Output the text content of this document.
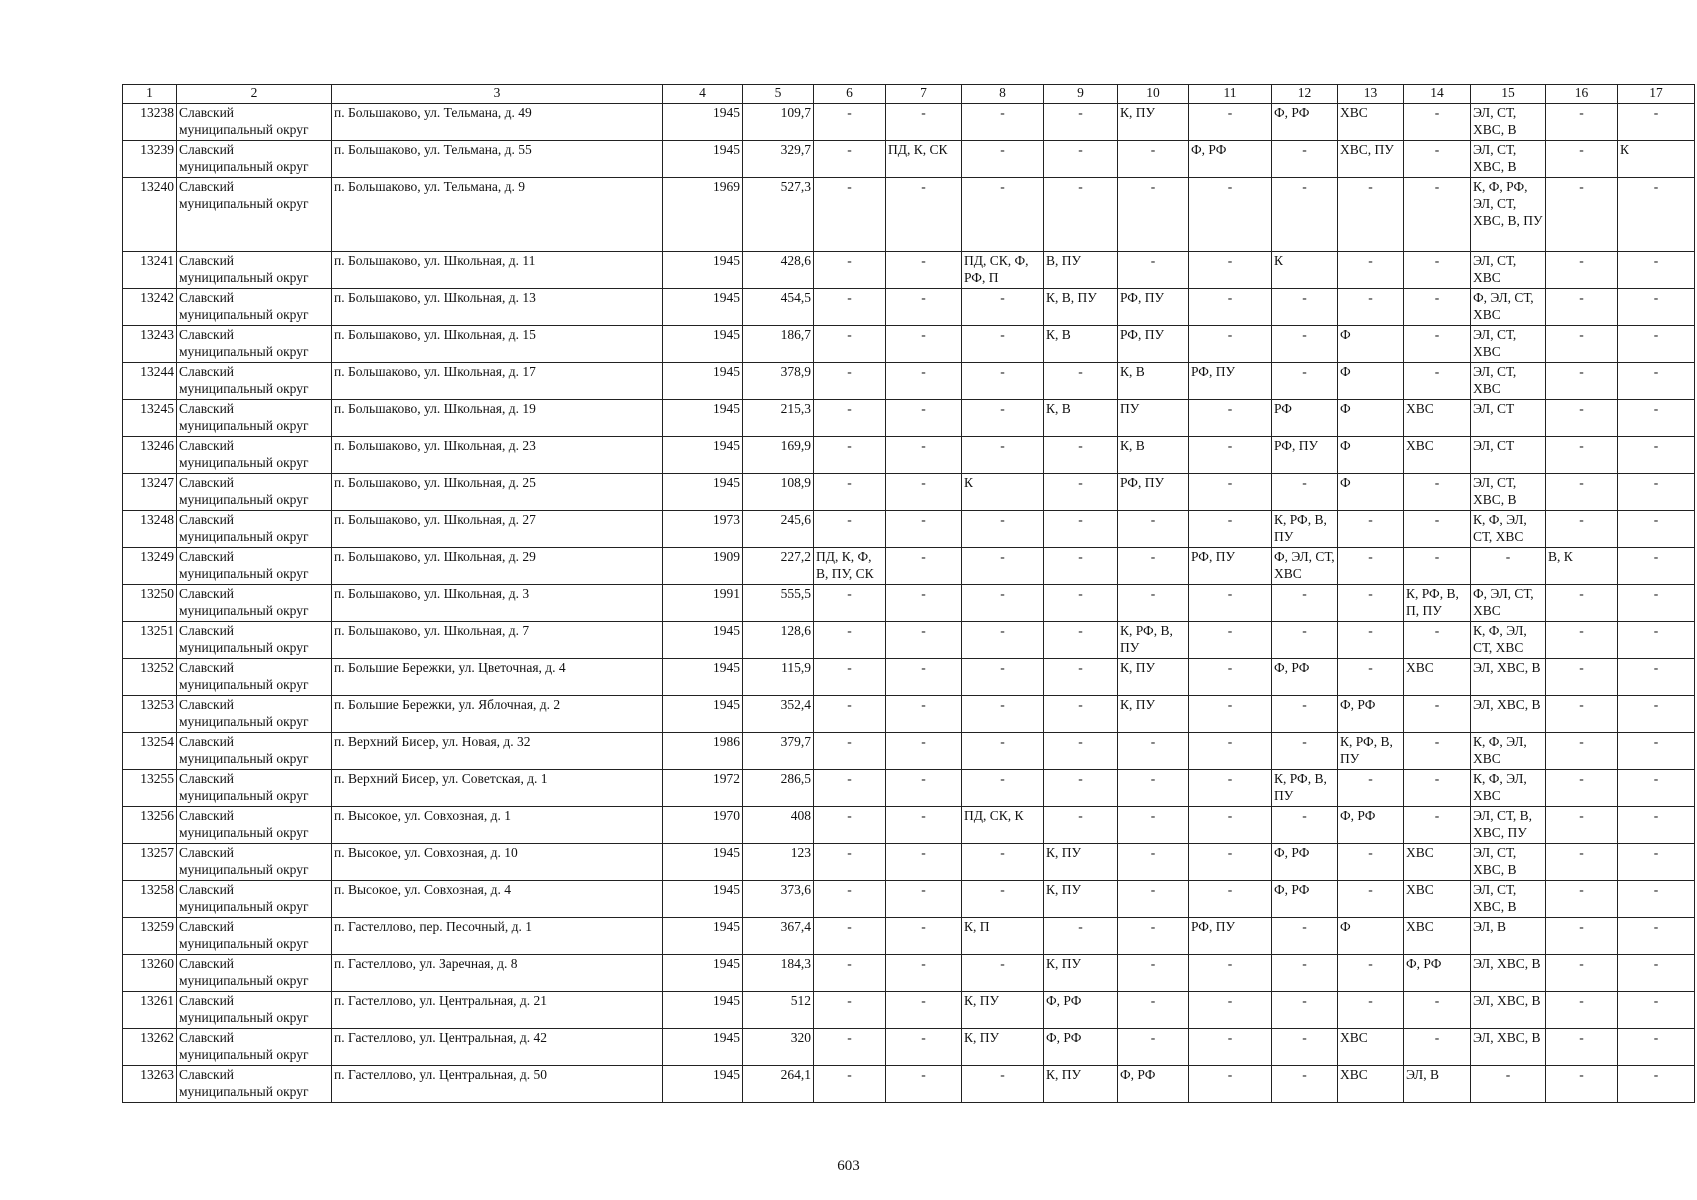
1	2	3	4	5	6	7	8	9	10	11	12	13	14	15	16	17
13238	Славский муниципальный округ	п. Большаково, ул. Тельмана, д. 49	1945	109,7	-	-	-	-	К, ПУ	-	Ф, РФ	ХВС	-	ЭЛ, СТ, ХВС, В	-	-
13239	Славский муниципальный округ	п. Большаково, ул. Тельмана, д. 55	1945	329,7	-	ПД, К, СК	-	-	-	Ф, РФ	-	ХВС, ПУ	-	ЭЛ, СТ, ХВС, В	-	К
13240	Славский муниципальный округ	п. Большаково, ул. Тельмана, д. 9	1969	527,3	-	-	-	-	-	-	-	-	-	К, Ф, РФ, ЭЛ, СТ, ХВС, В, ПУ	-	-
13241	Славский муниципальный округ	п. Большаково, ул. Школьная, д. 11	1945	428,6	-	-	ПД, СК, Ф, РФ, П	В, ПУ	-	-	К	-	-	ЭЛ, СТ, ХВС	-	-
13242	Славский муниципальный округ	п. Большаково, ул. Школьная, д. 13	1945	454,5	-	-	-	К, В, ПУ	РФ, ПУ	-	-	-	-	Ф, ЭЛ, СТ, ХВС	-	-
13243	Славский муниципальный округ	п. Большаково, ул. Школьная, д. 15	1945	186,7	-	-	-	К, В	РФ, ПУ	-	-	Ф	-	ЭЛ, СТ, ХВС	-	-
13244	Славский муниципальный округ	п. Большаково, ул. Школьная, д. 17	1945	378,9	-	-	-	-	К, В	РФ, ПУ	-	Ф	-	ЭЛ, СТ, ХВС	-	-
13245	Славский муниципальный округ	п. Большаково, ул. Школьная, д. 19	1945	215,3	-	-	-	К, В	ПУ	-	РФ	Ф	ХВС	ЭЛ, СТ	-	-
13246	Славский муниципальный округ	п. Большаково, ул. Школьная, д. 23	1945	169,9	-	-	-	-	К, В	-	РФ, ПУ	Ф	ХВС	ЭЛ, СТ	-	-
13247	Славский муниципальный округ	п. Большаково, ул. Школьная, д. 25	1945	108,9	-	-	К	-	РФ, ПУ	-	-	Ф	-	ЭЛ, СТ, ХВС, В	-	-
13248	Славский муниципальный округ	п. Большаково, ул. Школьная, д. 27	1973	245,6	-	-	-	-	-	-	К, РФ, В, ПУ	-	-	К, Ф, ЭЛ, СТ, ХВС	-	-
13249	Славский муниципальный округ	п. Большаково, ул. Школьная, д. 29	1909	227,2	ПД, К, Ф, В, ПУ, СК	-	-	-	-	РФ, ПУ	Ф, ЭЛ, СТ, ХВС	-	-	-	В, К	-
13250	Славский муниципальный округ	п. Большаково, ул. Школьная, д. 3	1991	555,5	-	-	-	-	-	-	-	-	К, РФ, В, П, ПУ	Ф, ЭЛ, СТ, ХВС	-	-
13251	Славский муниципальный округ	п. Большаково, ул. Школьная, д. 7	1945	128,6	-	-	-	-	К, РФ, В, ПУ	-	-	-	-	К, Ф, ЭЛ, СТ, ХВС	-	-
13252	Славский муниципальный округ	п. Большие Бережки, ул. Цветочная, д. 4	1945	115,9	-	-	-	-	К, ПУ	-	Ф, РФ	-	ХВС	ЭЛ, ХВС, В	-	-
13253	Славский муниципальный округ	п. Большие Бережки, ул. Яблочная, д. 2	1945	352,4	-	-	-	-	К, ПУ	-	-	Ф, РФ	-	ЭЛ, ХВС, В	-	-
13254	Славский муниципальный округ	п. Верхний Бисер, ул. Новая, д. 32	1986	379,7	-	-	-	-	-	-	-	К, РФ, В, ПУ	-	К, Ф, ЭЛ, ХВС	-	-
13255	Славский муниципальный округ	п. Верхний Бисер, ул. Советская, д. 1	1972	286,5	-	-	-	-	-	-	К, РФ, В, ПУ	-	-	К, Ф, ЭЛ, ХВС	-	-
13256	Славский муниципальный округ	п. Высокое, ул. Совхозная, д. 1	1970	408	-	-	ПД, СК, К	-	-	-	-	Ф, РФ	-	ЭЛ, СТ, В, ХВС, ПУ	-	-
13257	Славский муниципальный округ	п. Высокое, ул. Совхозная, д. 10	1945	123	-	-	-	К, ПУ	-	-	Ф, РФ	-	ХВС	ЭЛ, СТ, ХВС, В	-	-
13258	Славский муниципальный округ	п. Высокое, ул. Совхозная, д. 4	1945	373,6	-	-	-	К, ПУ	-	-	Ф, РФ	-	ХВС	ЭЛ, СТ, ХВС, В	-	-
13259	Славский муниципальный округ	п. Гастеллово, пер. Песочный, д. 1	1945	367,4	-	-	К, П	-	-	РФ, ПУ	-	Ф	ХВС	ЭЛ, В	-	-
13260	Славский муниципальный округ	п. Гастеллово, ул. Заречная, д. 8	1945	184,3	-	-	-	К, ПУ	-	-	-	-	Ф, РФ	ЭЛ, ХВС, В	-	-
13261	Славский муниципальный округ	п. Гастеллово, ул. Центральная, д. 21	1945	512	-	-	К, ПУ	Ф, РФ	-	-	-	-	-	ЭЛ, ХВС, В	-	-
13262	Славский муниципальный округ	п. Гастеллово, ул. Центральная, д. 42	1945	320	-	-	К, ПУ	Ф, РФ	-	-	-	ХВС	-	ЭЛ, ХВС, В	-	-
13263	Славский муниципальный округ	п. Гастеллово, ул. Центральная, д. 50	1945	264,1	-	-	-	К, ПУ	Ф, РФ	-	-	ХВС	ЭЛ, В	-	-	-
603
